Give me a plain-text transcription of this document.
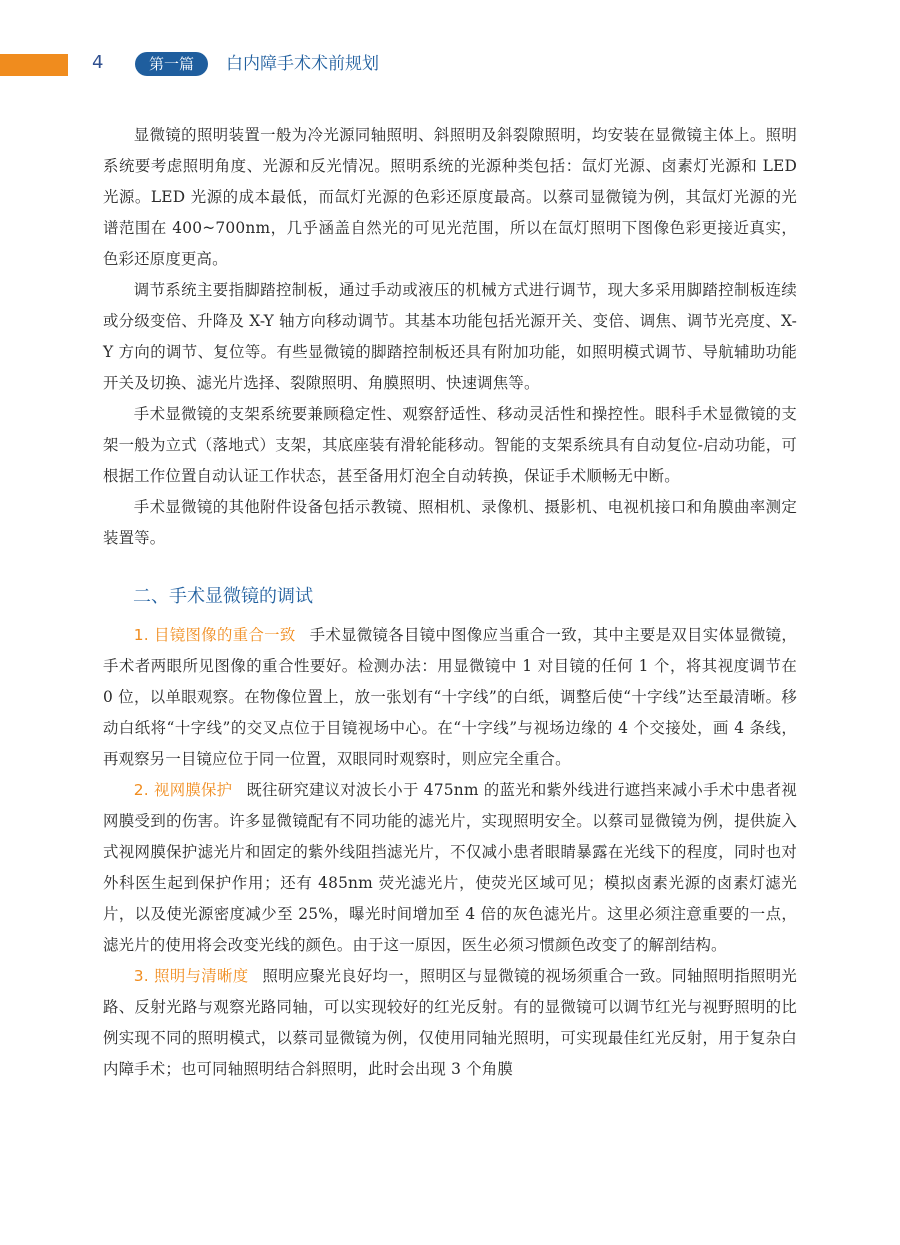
4	第一篇	白内障手术术前规划

显微镜的照明装置一般为冷光源同轴照明、斜照明及斜裂隙照明，均安装在显微镜主体上。照明系统要考虑照明角度、光源和反光情况。照明系统的光源种类包括：氙灯光源、卤素灯光源和 LED 光源。LED 光源的成本最低，而氙灯光源的色彩还原度最高。以蔡司显微镜为例，其氙灯光源的光谱范围在 400~700nm，几乎涵盖自然光的可见光范围，所以在氙灯照明下图像色彩更接近真实，色彩还原度更高。

调节系统主要指脚踏控制板，通过手动或液压的机械方式进行调节，现大多采用脚踏控制板连续或分级变倍、升降及 X-Y 轴方向移动调节。其基本功能包括光源开关、变倍、调焦、调节光亮度、X-Y 方向的调节、复位等。有些显微镜的脚踏控制板还具有附加功能，如照明模式调节、导航辅助功能开关及切换、滤光片选择、裂隙照明、角膜照明、快速调焦等。

手术显微镜的支架系统要兼顾稳定性、观察舒适性、移动灵活性和操控性。眼科手术显微镜的支架一般为立式（落地式）支架，其底座装有滑轮能移动。智能的支架系统具有自动复位-启动功能，可根据工作位置自动认证工作状态，甚至备用灯泡全自动转换，保证手术顺畅无中断。

手术显微镜的其他附件设备包括示教镜、照相机、录像机、摄影机、电视机接口和角膜曲率测定装置等。

二、手术显微镜的调试

1. 目镜图像的重合一致 手术显微镜各目镜中图像应当重合一致，其中主要是双目实体显微镜，手术者两眼所见图像的重合性要好。检测办法：用显微镜中 1 对目镜的任何 1 个，将其视度调节在 0 位，以单眼观察。在物像位置上，放一张划有“十字线”的白纸，调整后使“十字线”达至最清晰。移动白纸将“十字线”的交叉点位于目镜视场中心。在“十字线”与视场边缘的 4 个交接处，画 4 条线，再观察另一目镜应位于同一位置，双眼同时观察时，则应完全重合。

2. 视网膜保护 既往研究建议对波长小于 475nm 的蓝光和紫外线进行遮挡来减小手术中患者视网膜受到的伤害。许多显微镜配有不同功能的滤光片，实现照明安全。以蔡司显微镜为例，提供旋入式视网膜保护滤光片和固定的紫外线阻挡滤光片，不仅减小患者眼睛暴露在光线下的程度，同时也对外科医生起到保护作用；还有 485nm 荧光滤光片，使荧光区域可见；模拟卤素光源的卤素灯滤光片，以及使光源密度减少至 25%，曝光时间增加至 4 倍的灰色滤光片。这里必须注意重要的一点，滤光片的使用将会改变光线的颜色。由于这一原因，医生必须习惯颜色改变了的解剖结构。

3. 照明与清晰度 照明应聚光良好均一，照明区与显微镜的视场须重合一致。同轴照明指照明光路、反射光路与观察光路同轴，可以实现较好的红光反射。有的显微镜可以调节红光与视野照明的比例实现不同的照明模式，以蔡司显微镜为例，仅使用同轴光照明，可实现最佳红光反射，用于复杂白内障手术；也可同轴照明结合斜照明，此时会出现 3 个角膜
